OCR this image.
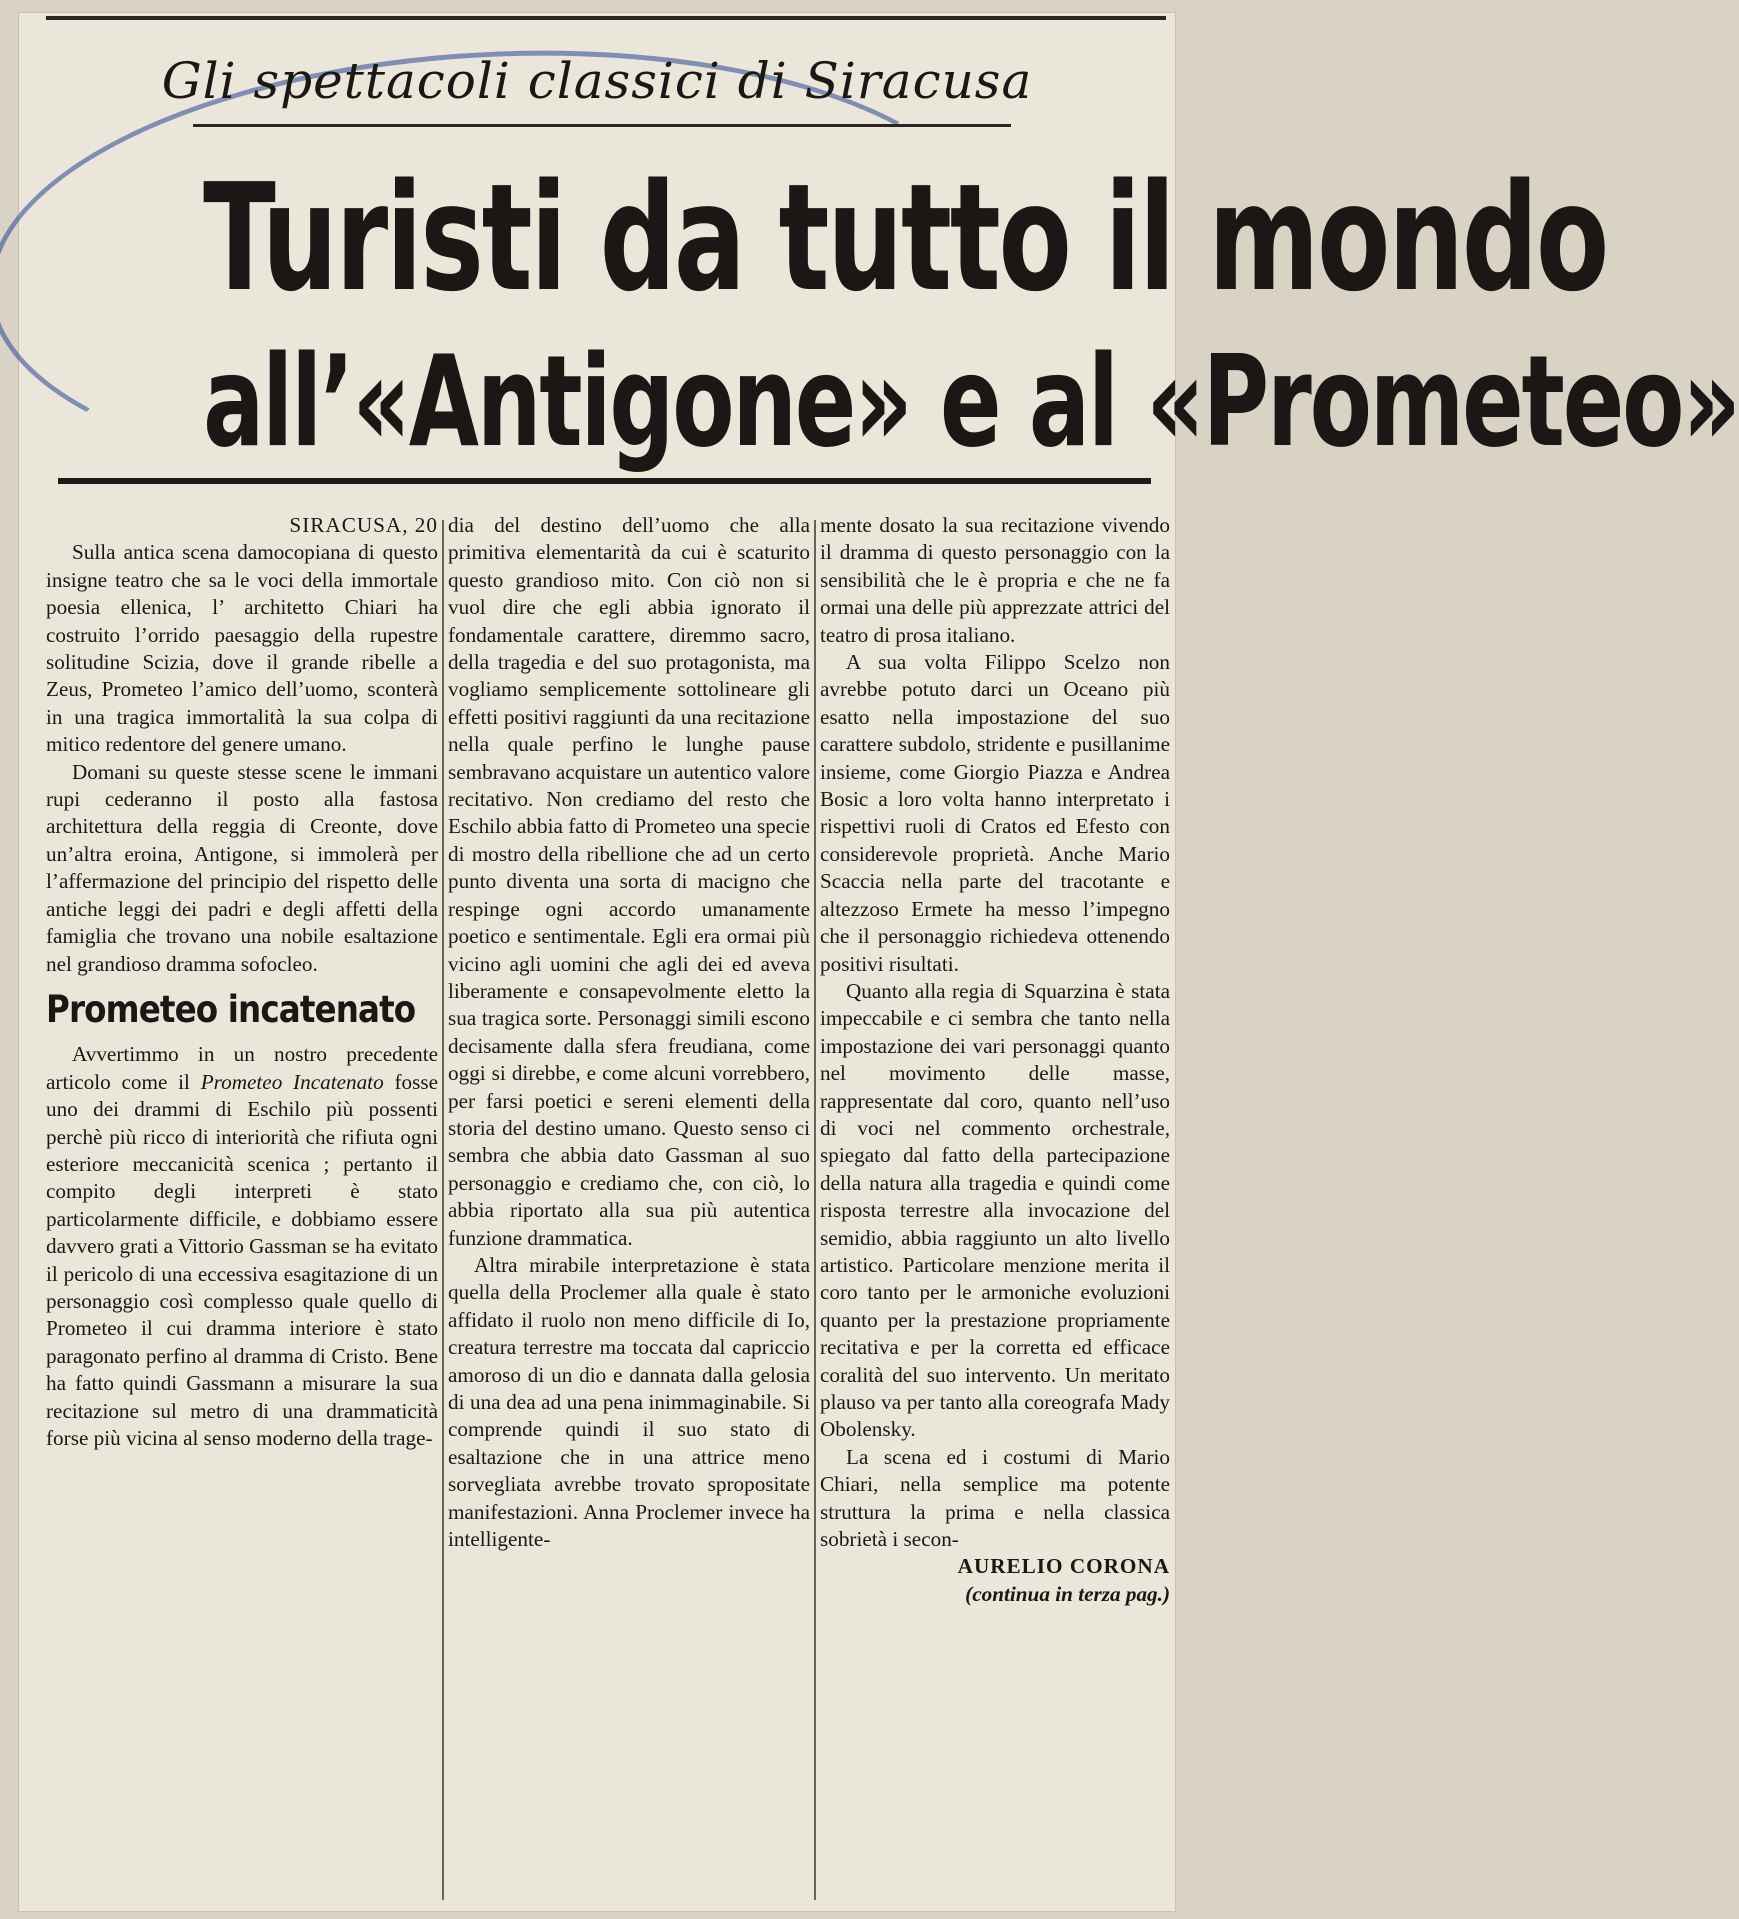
Gli spettacoli classici di Siracusa
Turisti da tutto il mondo
all’«Antigone» e al «Prometeo»
SIRACUSA, 20

Sulla antica scena damocopiana di questo insigne teatro che sa le voci della immortale poesia ellenica, l’ architetto Chiari ha costruito l’orrido paesaggio della rupestre solitudine Scizia, dove il grande ribelle a Zeus, Prometeo l’amico dell’uomo, sconterà in una tragica immortalità la sua colpa di mitico redentore del genere umano.

Domani su queste stesse scene le immani rupi cederanno il posto alla fastosa architettura della reggia di Creonte, dove un’altra eroina, Antigone, si immolerà per l’affermazione del principio del rispetto delle antiche leggi dei padri e degli affetti della famiglia che trovano una nobile esaltazione nel grandioso dramma sofocleo.

Prometeo incatenato

Avvertimmo in un nostro precedente articolo come il Prometeo Incatenato fosse uno dei drammi di Eschilo più possenti perchè più ricco di interiorità che rifiuta ogni esteriore meccanicità scenica ; pertanto il compito degli interpreti è stato particolarmente difficile, e dobbiamo essere davvero grati a Vittorio Gassman se ha evitato il pericolo di una eccessiva esagitazione di un personaggio così complesso quale quello di Prometeo il cui dramma interiore è stato paragonato perfino al dramma di Cristo. Bene ha fatto quindi Gassmann a misurare la sua recitazione sul metro di una drammaticità forse più vicina al senso moderno della trage-

dia del destino dell’uomo che alla primitiva elementarità da cui è scaturito questo grandioso mito. Con ciò non si vuol dire che egli abbia ignorato il fondamentale carattere, diremmo sacro, della tragedia e del suo protagonista, ma vogliamo semplicemente sottolineare gli effetti positivi raggiunti da una recitazione nella quale perfino le lunghe pause sembravano acquistare un autentico valore recitativo. Non crediamo del resto che Eschilo abbia fatto di Prometeo una specie di mostro della ribellione che ad un certo punto diventa una sorta di macigno che respinge ogni accordo umanamente poetico e sentimentale. Egli era ormai più vicino agli uomini che agli dei ed aveva liberamente e consapevolmente eletto la sua tragica sorte. Personaggi simili escono decisamente dalla sfera freudiana, come oggi si direbbe, e come alcuni vorrebbero, per farsi poetici e sereni elementi della storia del destino umano. Questo senso ci sembra che abbia dato Gassman al suo personaggio e crediamo che, con ciò, lo abbia riportato alla sua più autentica funzione drammatica.

Altra mirabile interpretazione è stata quella della Proclemer alla quale è stato affidato il ruolo non meno difficile di Io, creatura terrestre ma toccata dal capriccio amoroso di un dio e dannata dalla gelosia di una dea ad una pena inimmaginabile. Si comprende quindi il suo stato di esaltazione che in una attrice meno sorvegliata avrebbe trovato spropositate manifestazioni. Anna Proclemer invece ha intelligente-

mente dosato la sua recitazione vivendo il dramma di questo personaggio con la sensibilità che le è propria e che ne fa ormai una delle più apprezzate attrici del teatro di prosa italiano.

A sua volta Filippo Scelzo non avrebbe potuto darci un Oceano più esatto nella impostazione del suo carattere subdolo, stridente e pusillanime insieme, come Giorgio Piazza e Andrea Bosic a loro volta hanno interpretato i rispettivi ruoli di Cratos ed Efesto con considerevole proprietà. Anche Mario Scaccia nella parte del tracotante e altezzoso Ermete ha messo l’impegno che il personaggio richiedeva ottenendo positivi risultati.

Quanto alla regia di Squarzina è stata impeccabile e ci sembra che tanto nella impostazione dei vari personaggi quanto nel movimento delle masse, rappresentate dal coro, quanto nell’uso di voci nel commento orchestrale, spiegato dal fatto della partecipazione della natura alla tragedia e quindi come risposta terrestre alla invocazione del semidio, abbia raggiunto un alto livello artistico. Particolare menzione merita il coro tanto per le armoniche evoluzioni quanto per la prestazione propriamente recitativa e per la corretta ed efficace coralità del suo intervento. Un meritato plauso va per tanto alla coreografa Mady Obolensky.

La scena ed i costumi di Mario Chiari, nella semplice ma potente struttura la prima e nella classica sobrietà i secon-

AURELIO CORONA
(continua in terza pag.)
